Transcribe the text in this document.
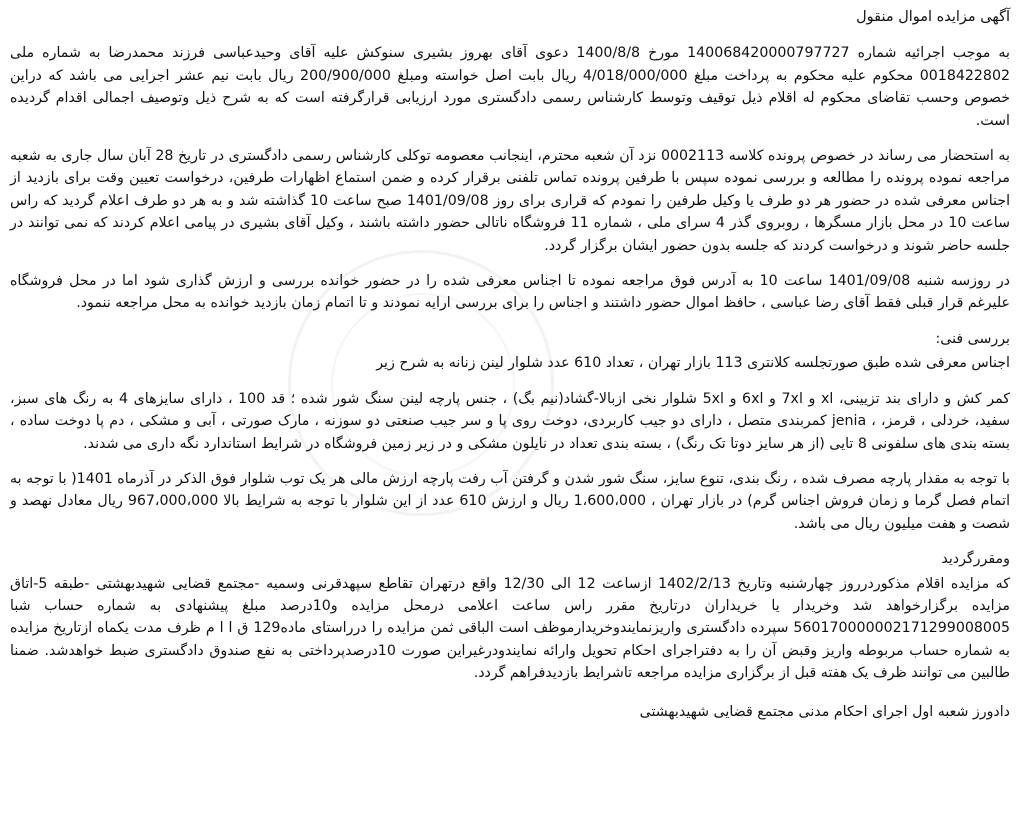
آگهی مزایده اموال منقول

به موجب اجرائیه شماره 140068420000797727 مورخ 1400/8/8 دعوی آقای بهروز بشیری سنوکش علیه آقای وحیدعباسی فرزند محمدرضا به شماره ملی 0018422802 محکوم علیه محکوم به پرداخت مبلغ 4/018/000/000 ریال بابت اصل خواسته ومبلغ 200/900/000 ریال بابت نیم عشر اجرایی می باشد که دراین خصوص وحسب تقاضای محکوم له اقلام ذیل توقیف وتوسط کارشناس رسمی دادگستری مورد ارزیابی قرارگرفته است که به شرح ذیل وتوصیف اجمالی اقدام گردیده است.

به استحضار می رساند در خصوص پرونده کلاسه 0002113 نزد آن شعبه محترم، اینجانب معصومه توکلی کارشناس رسمی دادگستری در تاریخ 28 آبان سال جاری به شعبه مراجعه نموده پرونده را مطالعه و بررسی نموده سپس با طرفین پرونده تماس تلفنی برقرار کرده و ضمن استماع اظهارات طرفین، درخواست تعیین وقت برای بازدید از اجناس معرفی شده در حضور هر دو طرف یا وکیل طرفین را نمودم که قراری برای روز 1401/09/08 صبح ساعت 10 گذاشته شد و به هر دو طرف اعلام گردید که راس ساعت 10 در محل بازار مسگرها ، روبروی گذر 4 سرای ملی ، شماره 11 فروشگاه ناتالی حضور داشته باشند ، وکیل آقای بشیری در پیامی اعلام کردند که نمی توانند در جلسه حاضر شوند و درخواست کردند که جلسه بدون حضور ایشان برگزار گردد.

در روزسه شنبه 1401/09/08 ساعت 10 به آدرس فوق مراجعه نموده تا اجناس معرفی شده را در حضور خوانده بررسی و ارزش گذاری شود اما در محل فروشگاه علیرغم قرار قبلی فقط آقای رضا عباسی ، حافظ اموال حضور داشتند و اجناس را برای بررسی ارایه نمودند و تا اتمام زمان بازدید خوانده به محل مراجعه ننمود.

بررسی فنی:

اجناس معرفی شده طبق صورتجلسه کلانتری 113 بازار تهران ، تعداد 610 عدد شلوار لینن زنانه به شرح زیر

کمر کش و دارای بند تزیینی، xl و 7xl و 6xl و 5xl شلوار نخی ازبالا-گشاد(نیم بگ) ، جنس پارچه لینن سنگ شور شده ؛ قد 100 ، دارای سایزهای 4 به رنگ های سبز، سفید، خردلی ، قرمز، ، jenia کمربندی متصل ، دارای دو جیب کاربردی، دوخت روی پا و سر جیب صنعتی دو سوزنه ، مارک صورتی ، آبی و مشکی ، دم پا دوخت ساده ، بسته بندی های سلفونی 8 تایی (از هر سایز دوتا تک رنگ) ، بسته بندی تعداد در نایلون مشکی و در زیر زمین فروشگاه در شرایط استاندارد نگه داری می شدند.

با توجه به مقدار پارچه مصرف شده ، رنگ بندی، تنوع سایز، سنگ شور شدن و گرفتن آب رفت پارچه ارزش مالی هر یک توب شلوار فوق الذکر در آذرماه 1401( با توجه به اتمام فصل گرما و زمان فروش اجناس گرم) در بازار تهران ، 1،600،000 ریال و ارزش 610 عدد از این شلوار با توجه به شرایط بالا 967،000،000 ریال معادل نهصد و شصت و هفت میلیون ریال می باشد.

ومقررگردید

که مزایده اقلام مذکوردرروز چهارشنبه وتاریخ 1402/2/13 ازساعت 12 الی 12/30 واقع درتهران تقاطع سپهدقرنی وسمیه -مجتمع قضایی شهیدبهشتی -طبقه 5-اتاق مزایده برگزارخواهد شد وخریدار یا خریداران درتاریخ مقرر راس ساعت اعلامی درمحل مزایده و10درصد مبلغ پیشنهادی به شماره حساب شبا 560170000002171299008005 سپرده دادگستری واریزنمایندوخریدارموظف است الباقی ثمن مزایده را درراستای ماده129 ق ا ا م ظرف مدت یکماه ازتاریخ مزایده به شماره حساب مربوطه واریز وقبض آن را به دفتراجرای احکام تحویل وارائه نمایندودرغیراین صورت 10درصدپرداختی به نفع صندوق دادگستری ضبط خواهدشد. ضمنا طالبین می توانند ظرف یک هفته قبل از برگزاری مزایده مراجعه تاشرایط بازدیدفراهم گردد.

دادورز شعبه اول اجرای احکام مدنی مجتمع قضایی شهیدبهشتی
